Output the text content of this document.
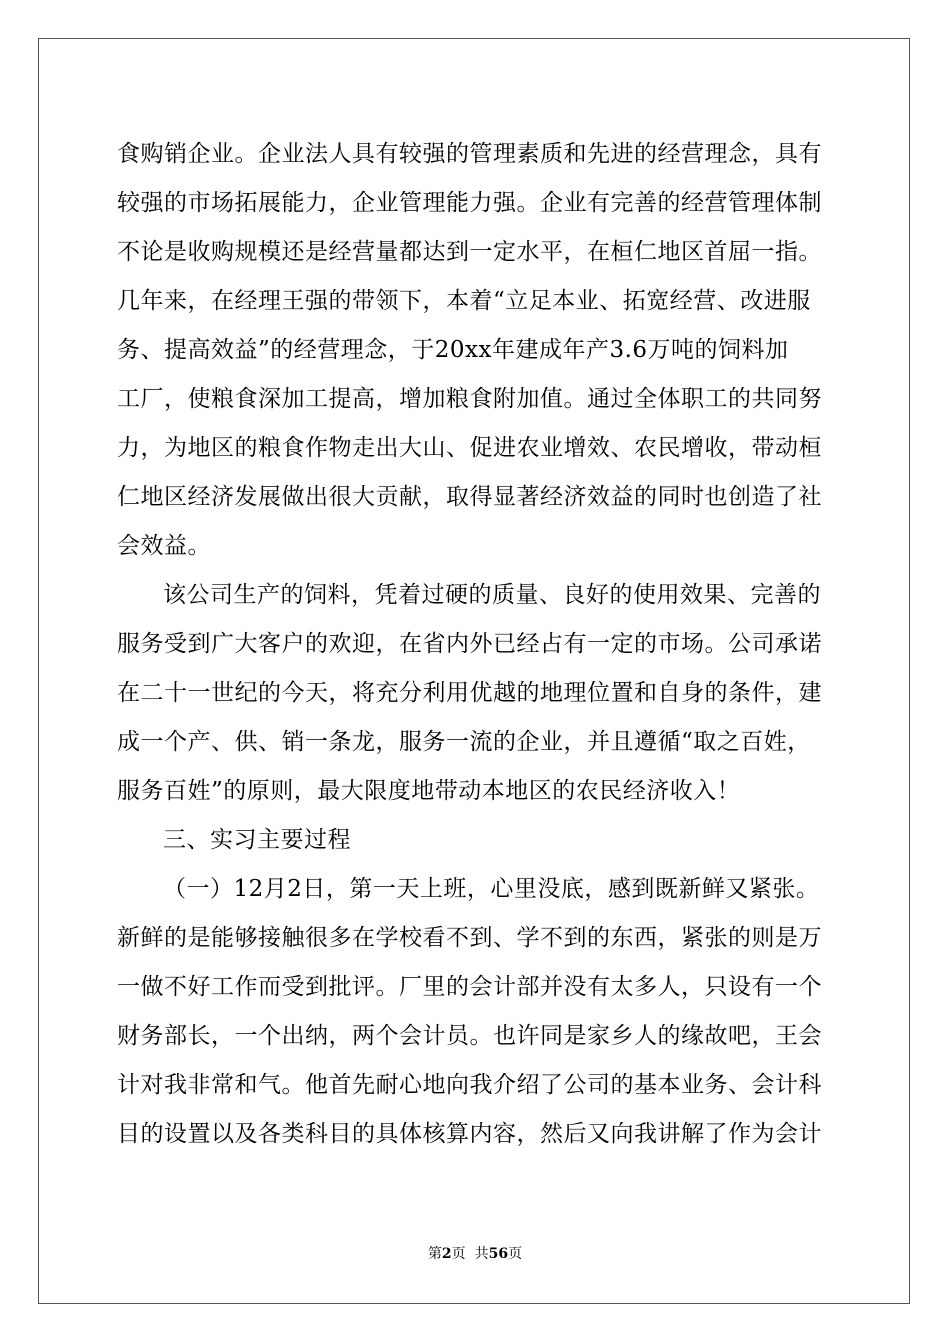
食购销企业。企业法人具有较强的管理素质和先进的经营理念，具有
较强的市场拓展能力，企业管理能力强。企业有完善的经营管理体制
不论是收购规模还是经营量都达到一定水平，在桓仁地区首屈一指。
几年来，在经理王强的带领下，本着“立足本业、拓宽经营、改进服
务、提高效益”的经营理念，于20xx年建成年产3.6万吨的饲料加
工厂，使粮食深加工提高，增加粮食附加值。通过全体职工的共同努
力，为地区的粮食作物走出大山、促进农业增效、农民增收，带动桓
仁地区经济发展做出很大贡献，取得显著经济效益的同时也创造了社
会效益。
该公司生产的饲料，凭着过硬的质量、良好的使用效果、完善的
服务受到广大客户的欢迎，在省内外已经占有一定的市场。公司承诺
在二十一世纪的今天，将充分利用优越的地理位置和自身的条件，建
成一个产、供、销一条龙，服务一流的企业，并且遵循“取之百姓，
服务百姓”的原则，最大限度地带动本地区的农民经济收入！
三、实习主要过程
（一）12月2日，第一天上班，心里没底，感到既新鲜又紧张。
新鲜的是能够接触很多在学校看不到、学不到的东西，紧张的则是万
一做不好工作而受到批评。厂里的会计部并没有太多人，只设有一个
财务部长，一个出纳，两个会计员。也许同是家乡人的缘故吧，王会
计对我非常和气。他首先耐心地向我介绍了公司的基本业务、会计科
目的设置以及各类科目的具体核算内容，然后又向我讲解了作为会计
第2页  共56页
